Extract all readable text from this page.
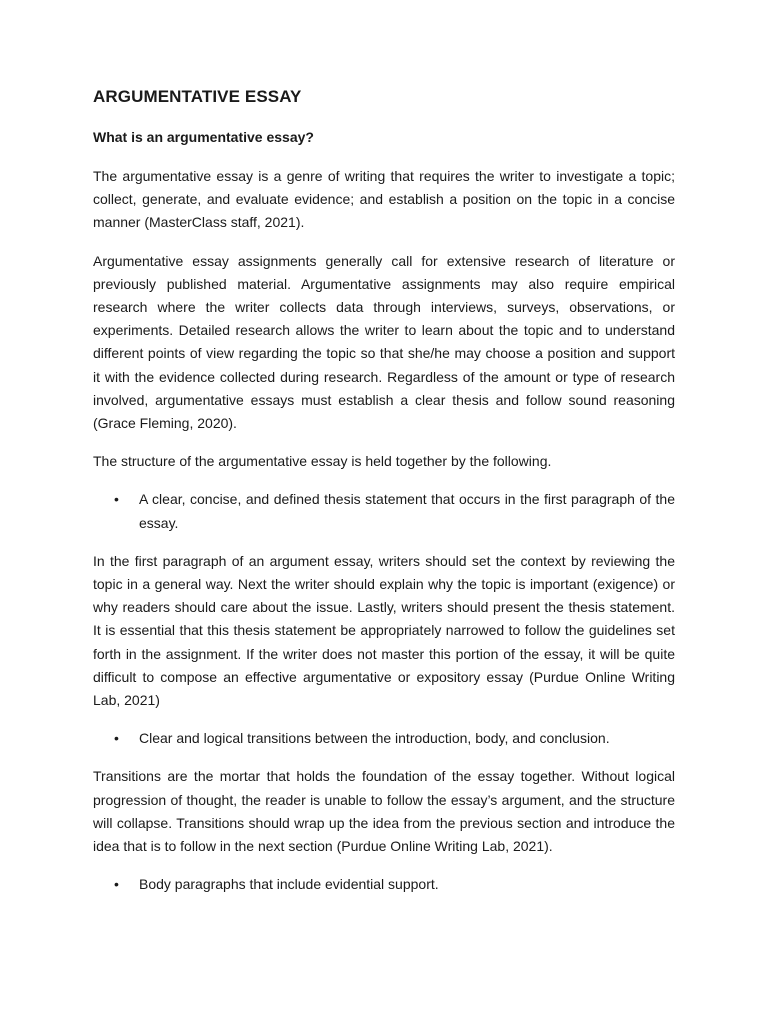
ARGUMENTATIVE ESSAY
What is an argumentative essay?

The argumentative essay is a genre of writing that requires the writer to investigate a topic; collect, generate, and evaluate evidence; and establish a position on the topic in a concise manner (MasterClass staff, 2021).

Argumentative essay assignments generally call for extensive research of literature or previously published material. Argumentative assignments may also require empirical research where the writer collects data through interviews, surveys, observations, or experiments. Detailed research allows the writer to learn about the topic and to understand different points of view regarding the topic so that she/he may choose a position and support it with the evidence collected during research. Regardless of the amount or type of research involved, argumentative essays must establish a clear thesis and follow sound reasoning (Grace Fleming, 2020).

The structure of the argumentative essay is held together by the following.

• A clear, concise, and defined thesis statement that occurs in the first paragraph of the essay.

In the first paragraph of an argument essay, writers should set the context by reviewing the topic in a general way. Next the writer should explain why the topic is important (exigence) or why readers should care about the issue. Lastly, writers should present the thesis statement. It is essential that this thesis statement be appropriately narrowed to follow the guidelines set forth in the assignment. If the writer does not master this portion of the essay, it will be quite difficult to compose an effective argumentative or expository essay (Purdue Online Writing Lab, 2021)

• Clear and logical transitions between the introduction, body, and conclusion.

Transitions are the mortar that holds the foundation of the essay together. Without logical progression of thought, the reader is unable to follow the essay’s argument, and the structure will collapse. Transitions should wrap up the idea from the previous section and introduce the idea that is to follow in the next section (Purdue Online Writing Lab, 2021).

• Body paragraphs that include evidential support.
